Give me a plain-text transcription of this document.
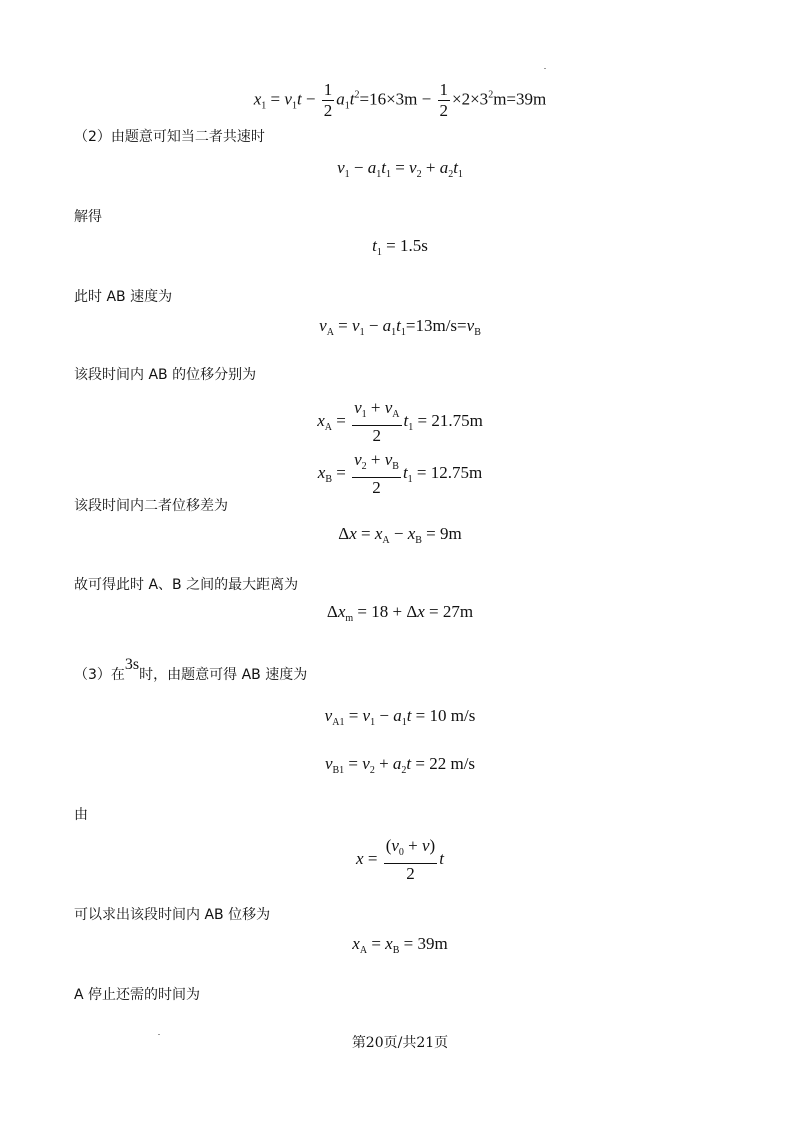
$x_1 = v_1t - \frac{1}{2} a_1t^2=16\times 3m - \frac{1}{2} \times 2\times 3^2m=39m$
（2）由题意可知当二者共速时
$v_1 - a_1t_1 = v_2 + a_2t_1$
解得
$t_1 = 1.5s$
此时 AB 速度为
$v_A = v_1 - a_1t_1=13m/s=v_B$
该段时间内 AB 的位移分别为
$x_A = \frac{v_1 + v_A}{2} t_1 = 21.75m$
$x_B = \frac{v_2 + v_B}{2} t_1 = 12.75m$
该段时间内二者位移差为
$\Delta x = x_A - x_B = 9m$
故可得此时 A、B 之间的最大距离为
$\Delta x_m = 18 + \Delta x = 27m$
（3）在3s时，由题意可得 AB 速度为
$v_{A1} = v_1 - a_1t = 10$ m/s
$v_{B1} = v_2 + a_2t = 22$ m/s
由
$x = \frac{(v_0 + v)}{2}$ t
可以求出该段时间内 AB 位移为
$x_A = x_B = 39m$
A 停止还需的时间为
第20页/共21页
